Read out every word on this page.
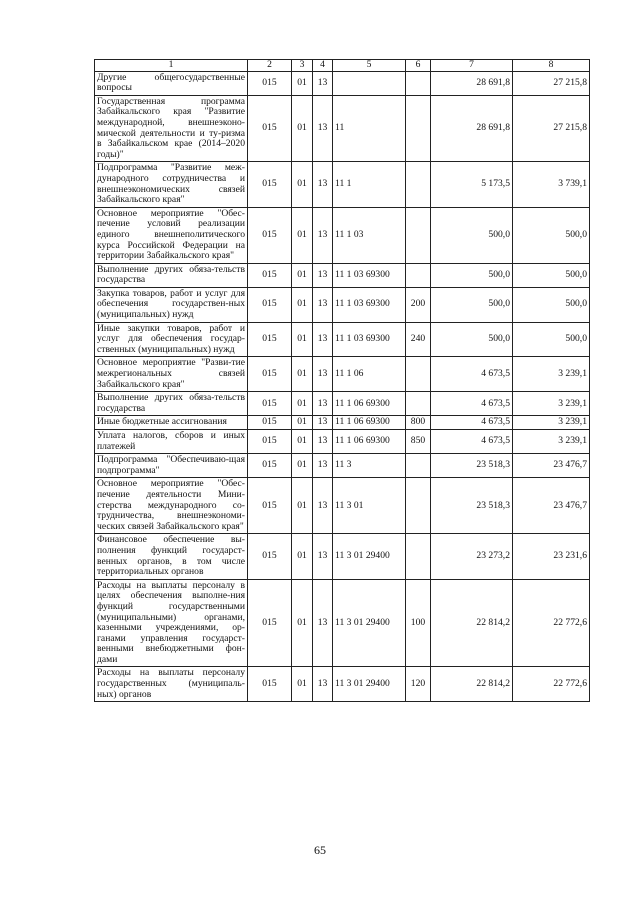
1	2	3	4	5	6	7	8
Другие общегосударственные вопросы	015	01	13			28 691,8	27 215,8
Государственная программа Забайкальского края "Развитие международной, внешнеэконо-мической деятельности и ту-ризма в Забайкальском крае (2014–2020 годы)"	015	01	13	11		28 691,8	27 215,8
Подпрограмма "Развитие меж-дународного сотрудничества и внешнеэкономических связей Забайкальского края"	015	01	13	11 1		5 173,5	3 739,1
Основное мероприятие "Обес-печение условий реализации единого внешнеполитического курса Российской Федерации на территории Забайкальского края"	015	01	13	11 1 03		500,0	500,0
Выполнение других обяза-тельств государства	015	01	13	11 1 03 69300		500,0	500,0
Закупка товаров, работ и услуг для обеспечения государствен-ных (муниципальных) нужд	015	01	13	11 1 03 69300	200	500,0	500,0
Иные закупки товаров, работ и услуг для обеспечения государ-ственных (муниципальных) нужд	015	01	13	11 1 03 69300	240	500,0	500,0
Основное мероприятие "Разви-тие межрегиональных связей Забайкальского края"	015	01	13	11 1 06		4 673,5	3 239,1
Выполнение других обяза-тельств государства	015	01	13	11 1 06 69300		4 673,5	3 239,1
Иные бюджетные ассигнования	015	01	13	11 1 06 69300	800	4 673,5	3 239,1
Уплата налогов, сборов и иных платежей	015	01	13	11 1 06 69300	850	4 673,5	3 239,1
Подпрограмма "Обеспечиваю-щая подпрограмма"	015	01	13	11 3		23 518,3	23 476,7
Основное мероприятие "Обес-печение деятельности Мини-стерства международного со-трудничества, внешнеэкономи-ческих связей Забайкальского края"	015	01	13	11 3 01		23 518,3	23 476,7
Финансовое обеспечение вы-полнения функций государст-венных органов, в том числе территориальных органов	015	01	13	11 3 01 29400		23 273,2	23 231,6
Расходы на выплаты персоналу в целях обеспечения выполне-ния функций государственными (муниципальными) органами, казенными учреждениями, ор-ганами управления государст-венными внебюджетными фон-дами	015	01	13	11 3 01 29400	100	22 814,2	22 772,6
Расходы на выплаты персоналу государственных (муниципаль-ных) органов	015	01	13	11 3 01 29400	120	22 814,2	22 772,6
65
